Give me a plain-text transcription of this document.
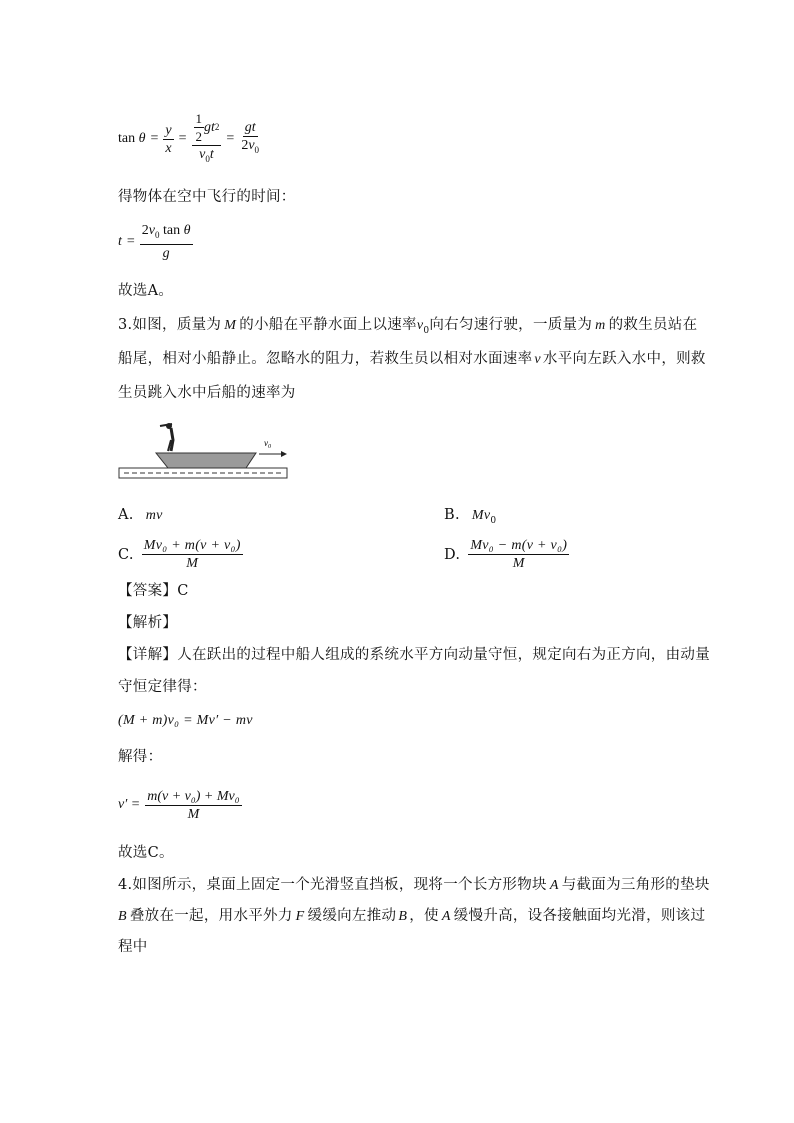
tan
$\theta = \frac{y}{x} = \frac{\frac{1}{2} g t 2}{v_0t} = \frac{gt}{2v_0}$
得物体在空中飞行的时间：
$t = \frac{2v_0 \tan \theta}{g}$
故选A。
3.如图，质量为 M 的小船在平静水面上以速率$v_0$向右匀速行驶，一质量为 m 的救生员站在
船尾，相对小船静止。忽略水的阻力，若救生员以相对水面速率 v 水平向左跃入水中，则救
生员跳入水中后船的速率为
$v_0$
A. mv	B. $Mv_0$
C. $\frac{\text{Mv₀ + m(v + v₀)}}{M}$	D. $\frac{\text{Mv₀ − m(v + v₀)}}{M}$
【答案】C
【解析】
【详解】人在跃出的过程中船人组成的系统水平方向动量守恒，规定向右为正方向，由动量
守恒定律得：
(M + m)v₀ = Mv′ − mv
解得：
$v' = \frac{\text{m(v + v₀) + Mv₀}}{M}$
故选C。
4.如图所示，桌面上固定一个光滑竖直挡板，现将一个长方形物块 A 与截面为三角形的垫块
B 叠放在一起，用水平外力 F 缓缓向左推动 B ，使 A 缓慢升高，设各接触面均光滑，则该过
程中
